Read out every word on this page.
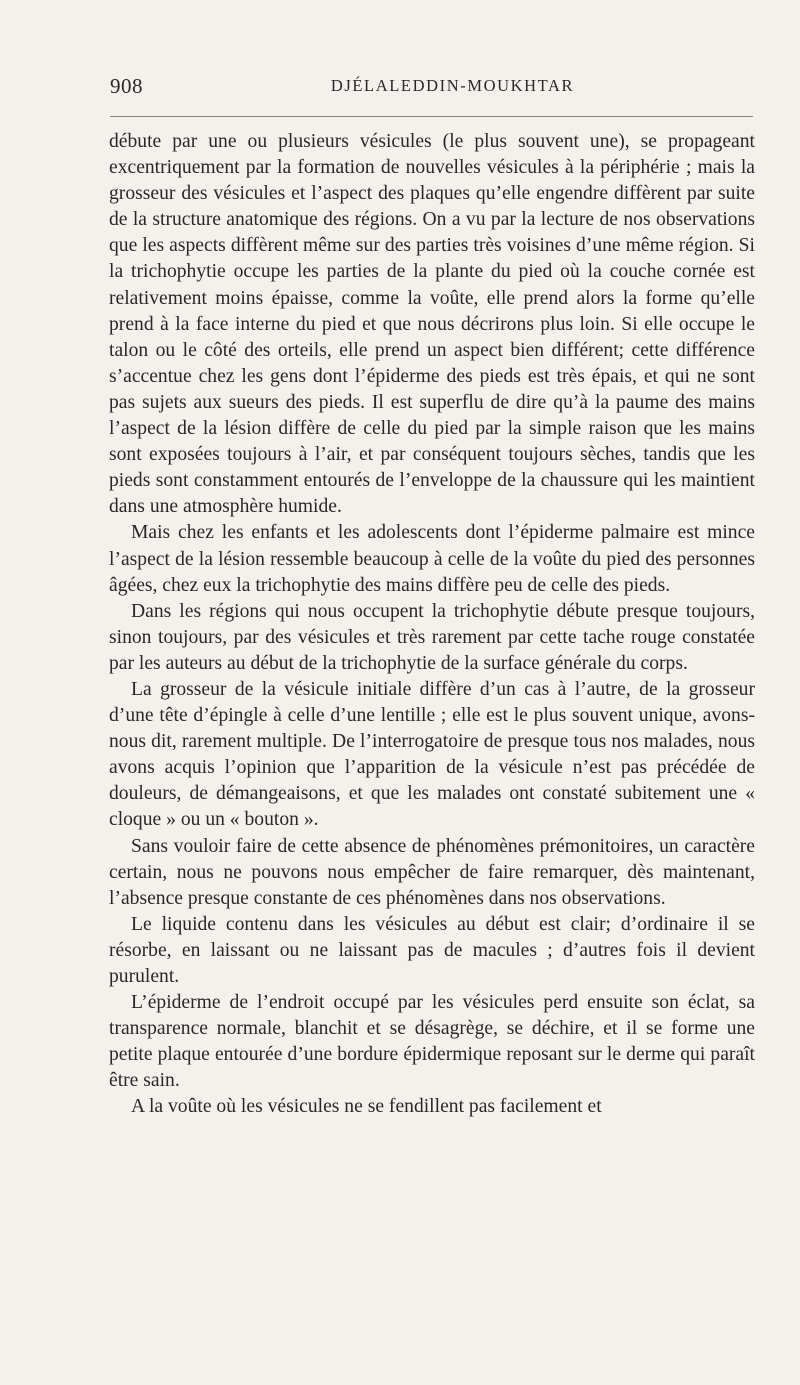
908	DJÉLALEDDIN-MOUKHTAR

débute par une ou plusieurs vésicules (le plus souvent une), se propageant excentriquement par la formation de nouvelles vésicules à la périphérie ; mais la grosseur des vésicules et l’aspect des plaques qu’elle engendre diffèrent par suite de la structure anatomique des régions. On a vu par la lecture de nos observations que les aspects diffèrent même sur des parties très voisines d’une même région. Si la trichophytie occupe les parties de la plante du pied où la couche cornée est relativement moins épaisse, comme la voûte, elle prend alors la forme qu’elle prend à la face interne du pied et que nous décrirons plus loin. Si elle occupe le talon ou le côté des orteils, elle prend un aspect bien différent; cette différence s’accentue chez les gens dont l’épiderme des pieds est très épais, et qui ne sont pas sujets aux sueurs des pieds. Il est superflu de dire qu’à la paume des mains l’aspect de la lésion diffère de celle du pied par la simple raison que les mains sont exposées toujours à l’air, et par conséquent toujours sèches, tandis que les pieds sont constamment entourés de l’enveloppe de la chaussure qui les maintient dans une atmosphère humide.

Mais chez les enfants et les adolescents dont l’épiderme palmaire est mince l’aspect de la lésion ressemble beaucoup à celle de la voûte du pied des personnes âgées, chez eux la trichophytie des mains diffère peu de celle des pieds.

Dans les régions qui nous occupent la trichophytie débute presque toujours, sinon toujours, par des vésicules et très rarement par cette tache rouge constatée par les auteurs au début de la trichophytie de la surface générale du corps.

La grosseur de la vésicule initiale diffère d’un cas à l’autre, de la grosseur d’une tête d’épingle à celle d’une lentille ; elle est le plus souvent unique, avons-nous dit, rarement multiple. De l’interrogatoire de presque tous nos malades, nous avons acquis l’opinion que l’apparition de la vésicule n’est pas précédée de douleurs, de démangeaisons, et que les malades ont constaté subitement une « cloque » ou un « bouton ».

Sans vouloir faire de cette absence de phénomènes prémonitoires, un caractère certain, nous ne pouvons nous empêcher de faire remarquer, dès maintenant, l’absence presque constante de ces phénomènes dans nos observations.

Le liquide contenu dans les vésicules au début est clair; d’ordinaire il se résorbe, en laissant ou ne laissant pas de macules ; d’autres fois il devient purulent.

L’épiderme de l’endroit occupé par les vésicules perd ensuite son éclat, sa transparence normale, blanchit et se désagrège, se déchire, et il se forme une petite plaque entourée d’une bordure épidermique reposant sur le derme qui paraît être sain.

A la voûte où les vésicules ne se fendillent pas facilement et
